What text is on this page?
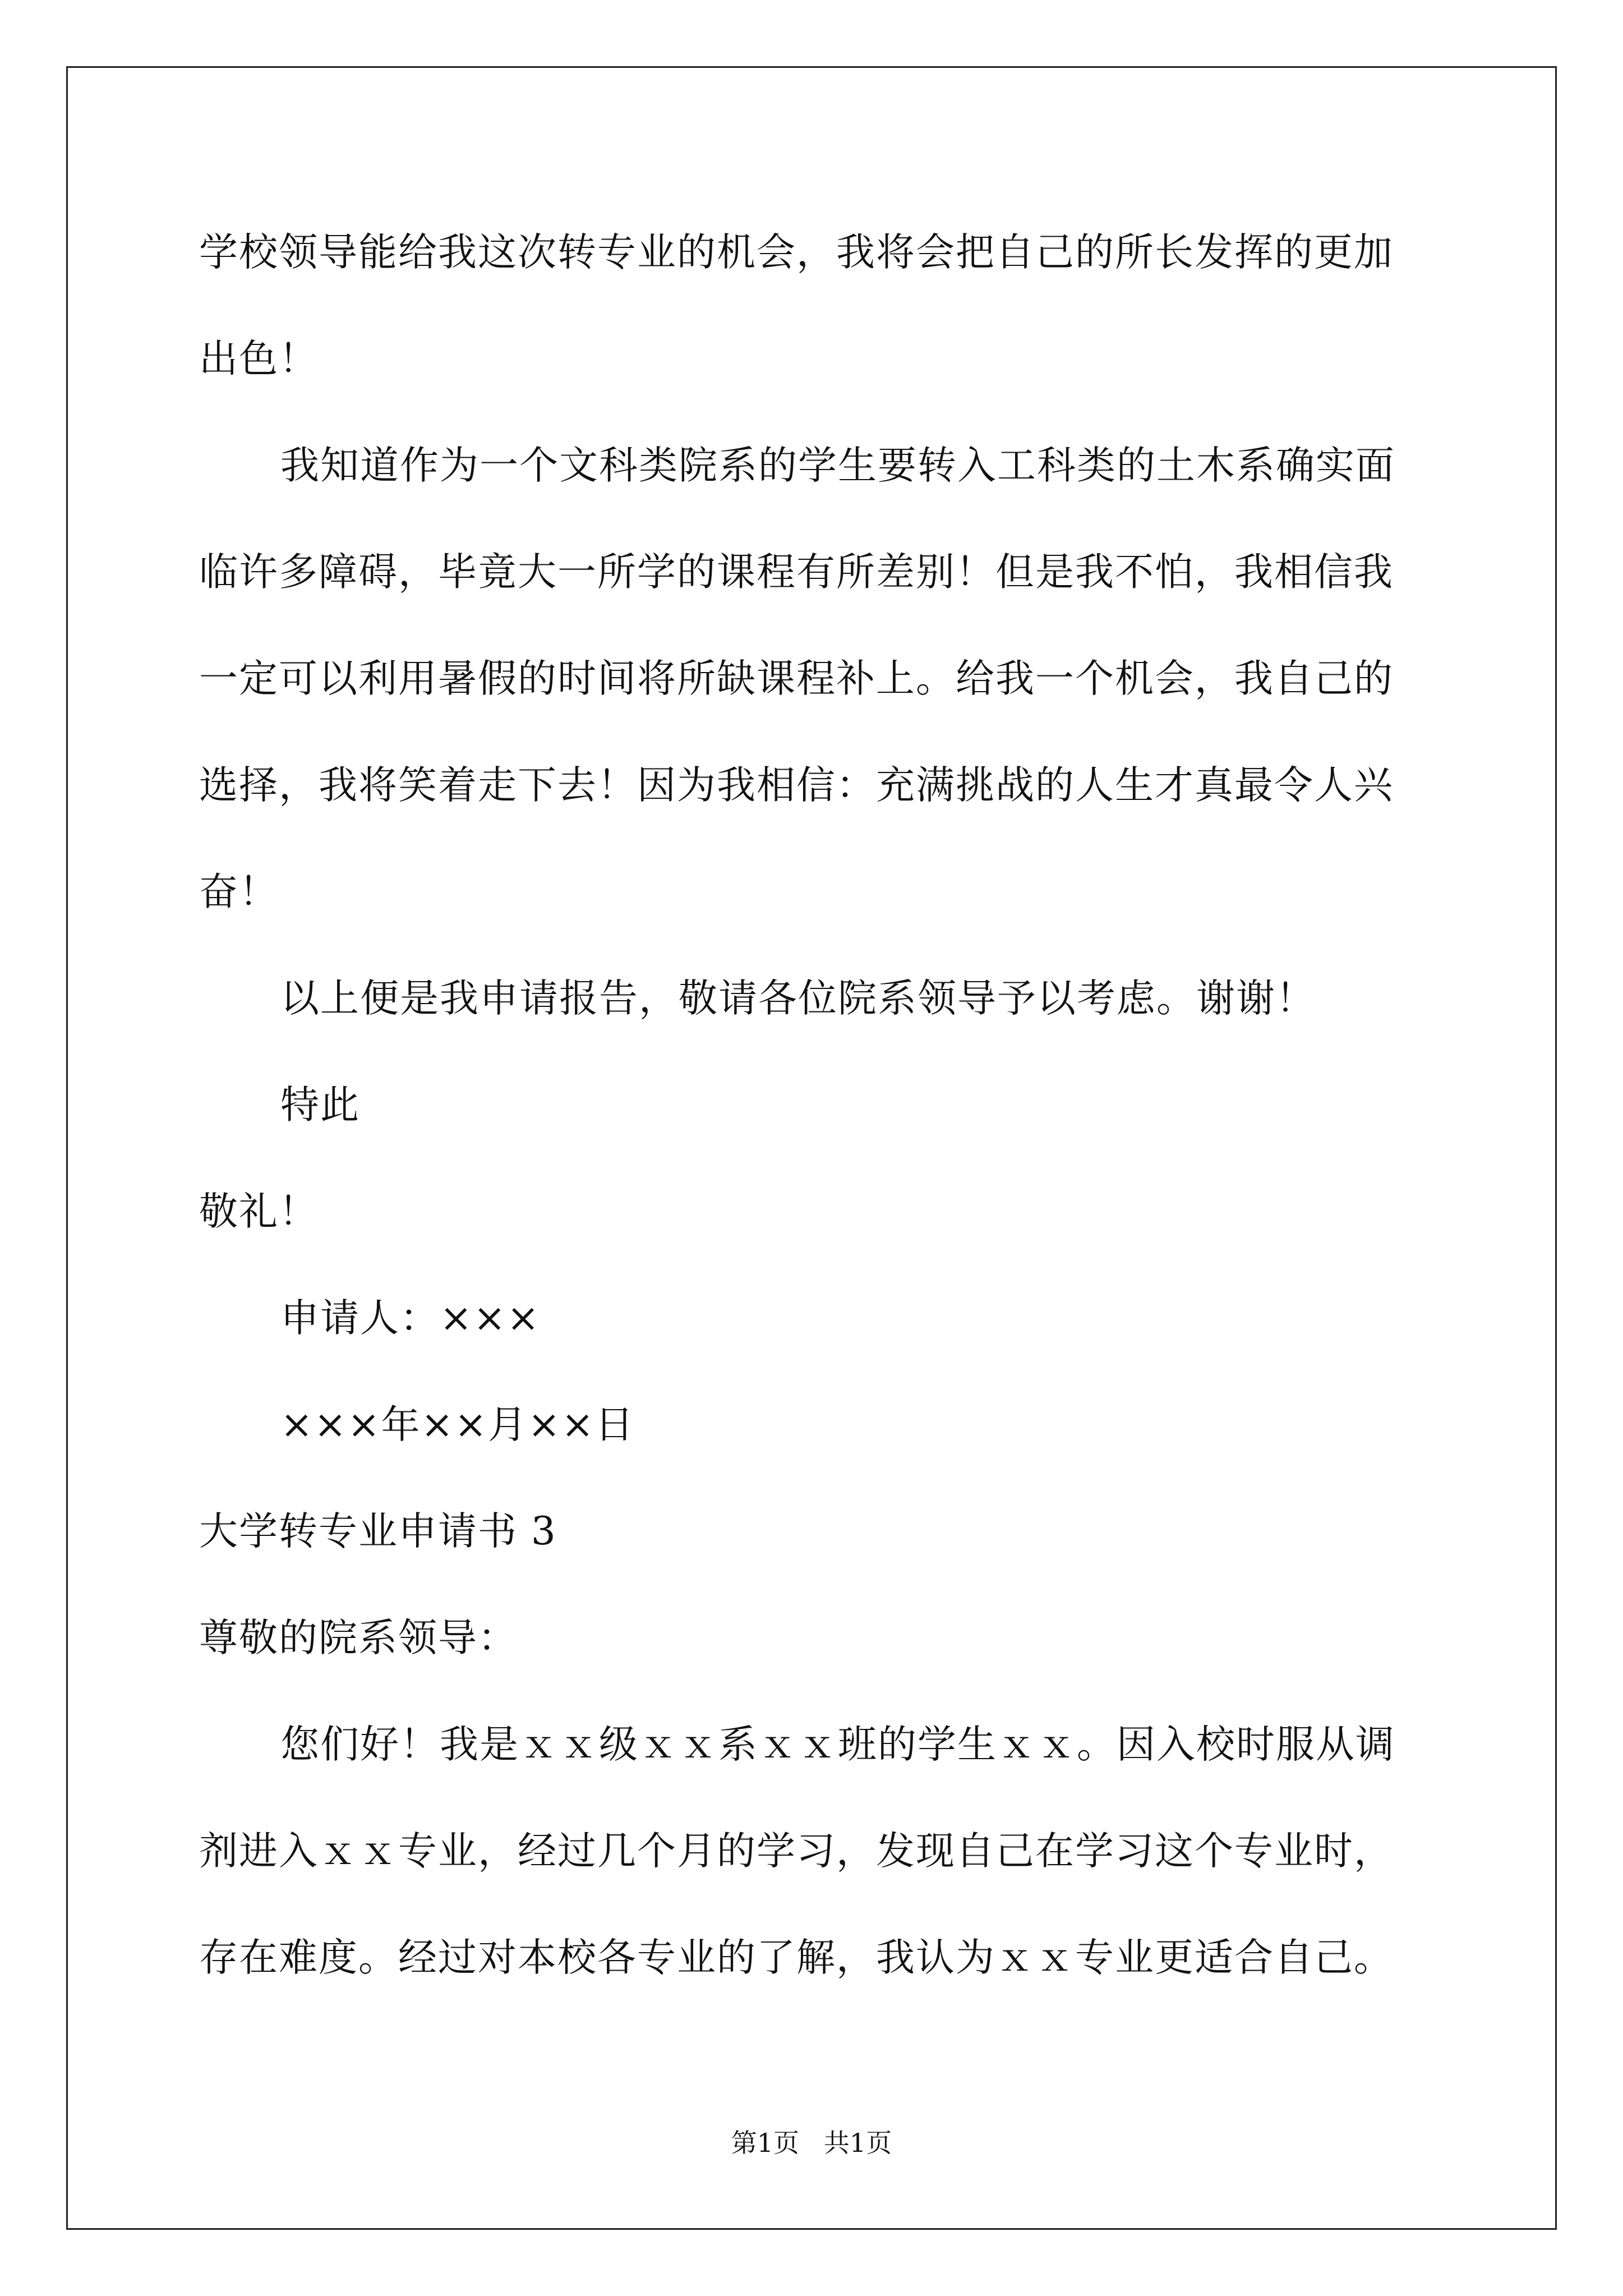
学校领导能给我这次转专业的机会，我将会把自己的所长发挥的更加
出色！
我知道作为一个文科类院系的学生要转入工科类的土木系确实面
临许多障碍，毕竟大一所学的课程有所差别！但是我不怕，我相信我
一定可以利用暑假的时间将所缺课程补上。给我一个机会，我自己的
选择，我将笑着走下去！因为我相信：充满挑战的人生才真最令人兴
奋！
以上便是我申请报告，敬请各位院系领导予以考虑。谢谢！
特此
敬礼！
申请人：×××
×××年××月××日
大学转专业申请书 3
尊敬的院系领导：
您们好！我是ｘｘ级ｘｘ系ｘｘ班的学生ｘｘ。因入校时服从调
剂进入ｘｘ专业，经过几个月的学习，发现自己在学习这个专业时，
存在难度。经过对本校各专业的了解，我认为ｘｘ专业更适合自己。
第1页   共1页
